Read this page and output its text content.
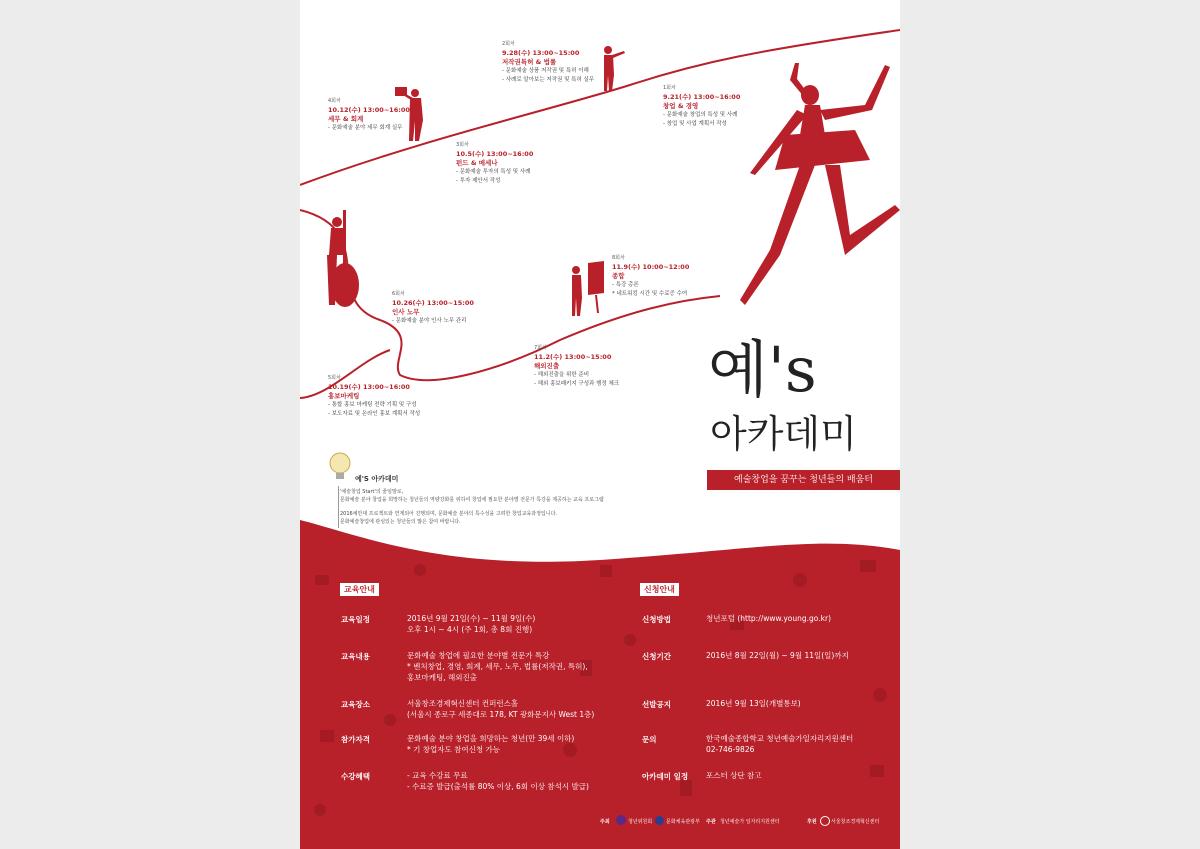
1회차
9.21(수) 13:00~16:00
창업 & 경영
- 문화예술 창업의 특성 및 사례
- 창업 및 사업 계획서 작성
2회차
9.28(수) 13:00~15:00
저작권특허 & 법률
- 문화예술 상품 저작권 및 특허 이해
- 사례로 알아보는 저작권 및 특허 실무
3회차
10.5(수) 13:00~16:00
펀드 & 메세나
- 문화예술 투자의 특성 및 사례
- 투자 제안서 작성
4회차
10.12(수) 13:00~16:00
세무 & 회계
- 문화예술 분야 세무 회계 실무
5회차
10.19(수) 13:00~16:00
홍보마케팅
- 통합 홍보 마케팅 전략 기획 및 구성
- 보도자료 및 온라인 홍보 계획서 작성
6회차
10.26(수) 13:00~15:00
인사 노무
- 문화예술 분야 인사 노무 관리
7회차
11.2(수) 13:00~15:00
해외진출
- 해외진출을 위한 준비
- 해외 홍보패키지 구성과 행정 체크
8회차
11.9(수) 10:00~12:00
종합
- 특강 총론
* 네트워킹 시간 및 수료증 수여
예's
아카데미
예술창업을 꿈꾸는 청년들의 배움터
예'S 아카데미
'예술창업 Start'의 줄임말로,
문화예술 분야 창업을 희망하는 청년들의 역량강화를 위하여 창업에 필요한 분야별 전문가 특강을 제공하는 교육 프로그램
2016예만대 프로젝트와 연계되어 진행되며, 문화예술 분야의 특수성을 고려한 창업교육과정입니다.
문화예술창업에 관심있는 청년들의 많은 참여 바랍니다.
교육안내	신청안내
교육일정	2016년 9월 21일(수) ~ 11월 9일(수)
오후 1시 ~ 4시 (주 1회, 총 8회 진행)
교육내용	문화예술 창업에 필요한 분야별 전문가 특강
* 벤처창업, 경영, 회계, 세무, 노무, 법률(저작권, 특허),
홍보마케팅, 해외진출
교육장소	서울창조경제혁신센터 컨퍼런스홀
(서울시 종로구 세종대로 178, KT 광화문지사 West 1층)
참가자격	문화예술 분야 창업을 희망하는 청년(만 39세 이하)
* 기 창업자도 참여신청 가능
수강혜택	- 교육 수강료 무료
- 수료증 발급(출석률 80% 이상, 6회 이상 참석시 발급)
신청방법	청년포털 (http://www.young.go.kr)
신청기간	2016년 8월 22일(월) ~ 9월 11일(일)까지
선발공지	2016년 9월 13일(개별통보)
문의	한국예술종합학교 청년예술가일자리지원센터
02-746-9826
아카데미 일정 포스터 상단 참고
주최	청년위원회	문화체육관광부 주관 청년예술가 일자리지원센터	후원	서울창조경제혁신센터
